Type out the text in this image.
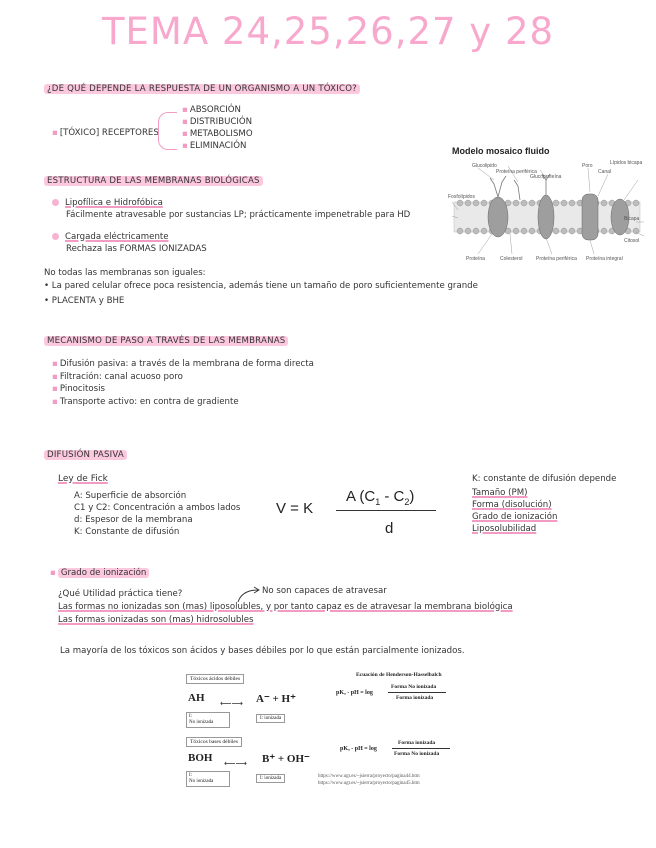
TEMA 24,25,26,27 y 28
¿DE QUÉ DEPENDE LA RESPUESTA DE UN ORGANISMO A UN TÓXICO?
▪ [TÓXICO] RECEPTORES
▪ ABSORCIÓN
▪ DISTRIBUCIÓN
▪ METABOLISMO
▪ ELIMINACIÓN	Modelo mosaico fluido
Glucolipido
Proteína periférica
Glucoproteína
Poro
Canal
Lípidos bicapa
Fosfolípidos
Bicapa
Citosol
Proteína	Colesterol	Proteína periférica Proteína integral
ESTRUCTURA DE LAS MEMBRANAS BIOLÓGICAS
Lipofílica e Hidrofóbica
Fácilmente atravesable por sustancias LP; prácticamente impenetrable para HD
Cargada eléctricamente
Rechaza las FORMAS IONIZADAS
No todas las membranas son iguales:
• La pared celular ofrece poca resistencia, además tiene un tamaño de poro suficientemente grande
• PLACENTA y BHE
MECANISMO DE PASO A TRAVÉS DE LAS MEMBRANAS
▪ Difusión pasiva: a través de la membrana de forma directa
▪ Filtración: canal acuoso poro
▪ Pinocitosis
▪ Transporte activo: en contra de gradiente
DIFUSIÓN PASIVA
Ley de Fick
A: Superficie de absorción
C1 y C2: Concentración a ambos lados
d: Espesor de la membrana
K: Constante de difusión
V = K
A $(C_1 - C_2)$
d
K: constante de difusión depende
Tamaño (PM)
Forma (disolución)
Grado de ionización
Liposolubilidad
▪ Grado de ionización
¿Qué Utilidad práctica tiene?	No son capaces de atravesar
Las formas no ionizadas son (mas) liposolubles, y por tanto capaz es de atravesar la membrana biológica
Las formas ionizadas son (mas) hidrosolubles
La mayoría de los tóxicos son ácidos y bases débiles por lo que están parcialmente ionizados.
Tóxicos ácidos débiles
AH ⟵⟶ A⁻ + H⁺
I:
No ionizada
I: ionizada
Tóxicos bases débiles
BOH ⟵⟶ B⁺ + OH⁻
I:
No ionizada
I: ionizada
Ecuación de Henderson-Hasselbalch
pKₐ - pH = log
Forma No ionizada
Forma ionizada
pKₐ - pH = log
Forma ionizada
Forma No ionizada
https://www.ugr.es/~jsierra/proyecto/pagina44.htm
https://www.ugr.es/~jsierra/proyecto/pagina45.htm
